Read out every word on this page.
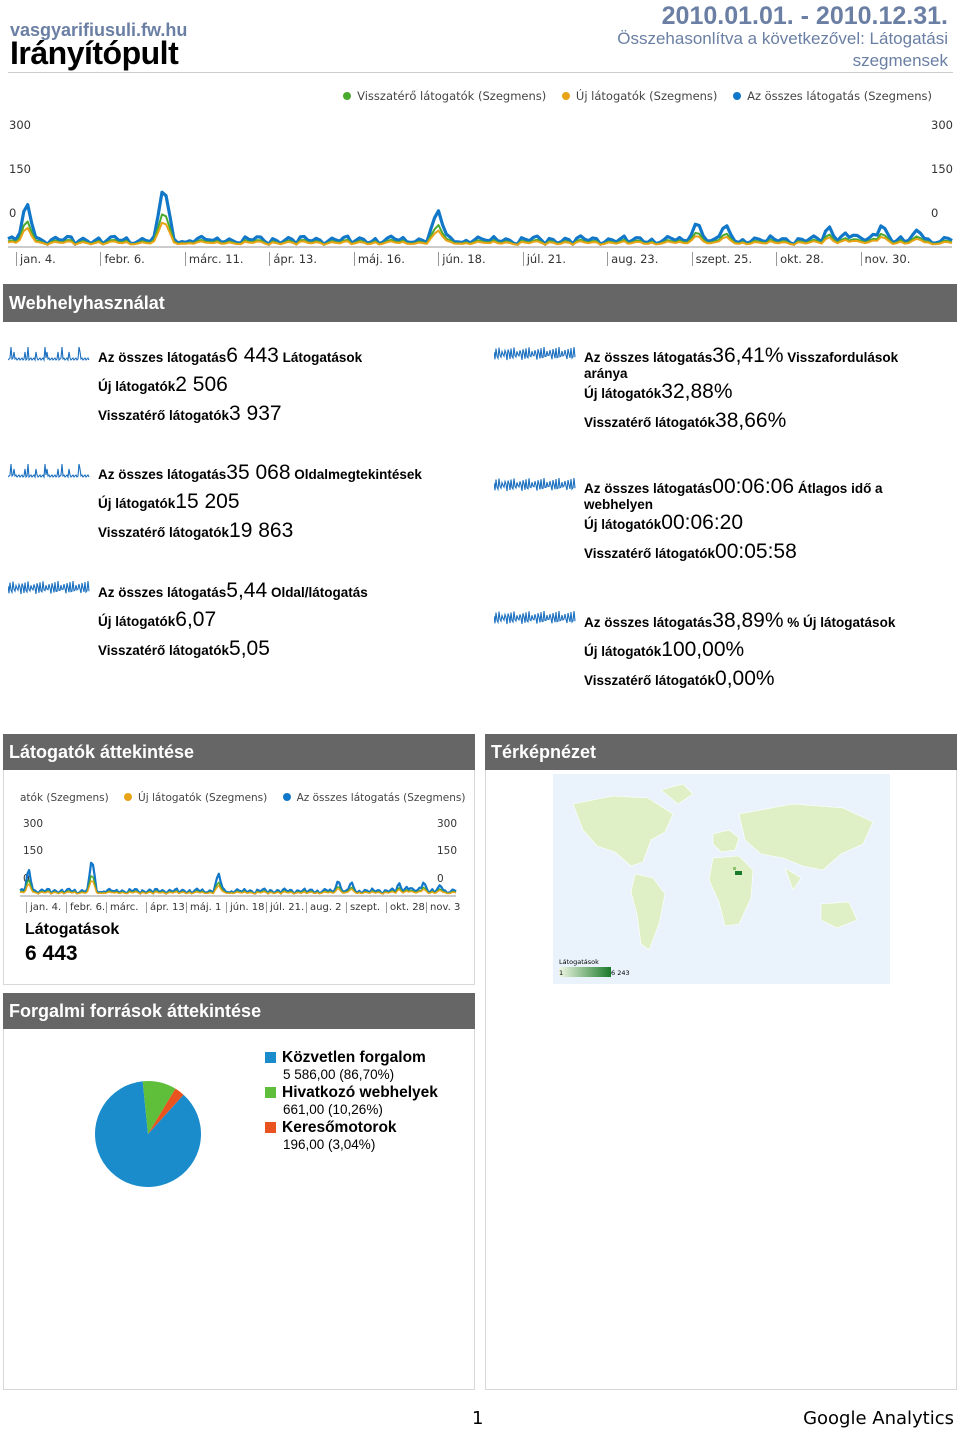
vasgyarifiusuli.fw.hu
Irányítópult
2010.01.01. - 2010.12.31.
Összehasonlítva a következővel: Látogatási szegmensek
Visszatérő látogatók (Szegmens)	Új látogatók (Szegmens)	Az összes látogatás (Szegmens)
300
150
0
300
150
0
jan. 4.	febr. 6.	márc. 11.	ápr. 13.	máj. 16.	jún. 18.	júl. 21.	aug. 23.	szept. 25.	okt. 28.	nov. 30.
Webhelyhasználat
Az összes látogatás6 443 Látogatások
Új látogatók2 506
Visszatérő látogatók3 937
Az összes látogatás36,41% Visszafordulások aránya
Új látogatók32,88%
Visszatérő látogatók38,66%
Az összes látogatás35 068 Oldalmegtekintések
Új látogatók15 205
Visszatérő látogatók19 863
Az összes látogatás00:06:06 Átlagos idő a webhelyen
Új látogatók00:06:20
Visszatérő látogatók00:05:58
Az összes látogatás5,44 Oldal/látogatás
Új látogatók6,07
Visszatérő látogatók5,05
Az összes látogatás38,89% % Új látogatások
Új látogatók100,00%
Visszatérő látogatók0,00%
Látogatók áttekintése
atók (Szegmens)	Új látogatók (Szegmens)	Az összes látogatás (Szegmens)
300
150
0
300
150
0
jan. 4. febr. 6. márc.	ápr. 13 máj. 1 jún. 18 júl. 21. aug. 2 szept. okt. 28 nov. 3
Látogatások
6 443
Térképnézet
Látogatások
1	6 243
Forgalmi források áttekintése
Közvetlen forgalom
5 586,00 (86,70%)
Hivatkozó webhelyek
661,00 (10,26%)
Keresőmotorok
196,00 (3,04%)
1	Google Analytics
